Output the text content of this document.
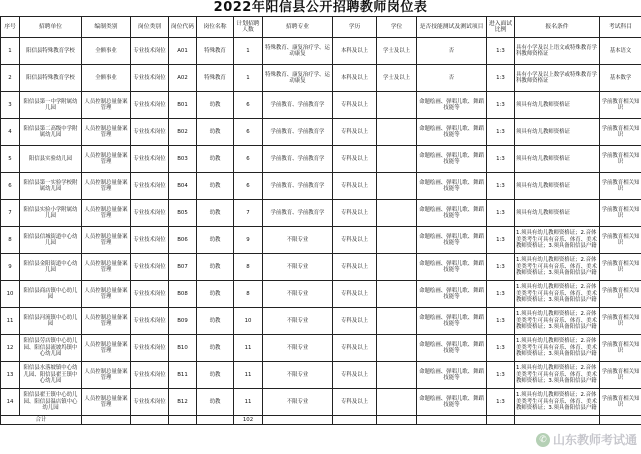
2022年阳信县公开招聘教师岗位表
序号	招聘单位	编制类别	岗位类别	岗位代码	岗位名称	计划招聘人数	招聘专业	学历	学位	是否技能测试及测试项目	进入面试比例	报名条件	考试科目
1	阳信县特殊教育学校	全额事业	专业技术岗位	A01	特殊教育	1	特殊教育、康复治疗学、运动康复	本科及以上	学士及以上	否	1:3	具有小学及以上语文或特殊教育学科教师资格证	基本语文
2	阳信县特殊教育学校	全额事业	专业技术岗位	A02	特殊教育	1	特殊教育、康复治疗学、运动康复	本科及以上	学士及以上	否	1:3	具有小学及以上数学或特殊教育学科教师资格证	基本数学
3	阳信县第一中学附属幼儿园	人员控制总量备案管理	专业技术岗位	B01	幼教	6	学前教育、学前教育学	专科及以上		命题绘画、弹唱儿歌、舞蹈技能等	1:3	须具有幼儿教师资格证	学前教育相关知识
4	阳信县第二高级中学附属幼儿园	人员控制总量备案管理	专业技术岗位	B02	幼教	6	学前教育、学前教育学	专科及以上		命题绘画、弹唱儿歌、舞蹈技能等	1:3	须具有幼儿教师资格证	学前教育相关知识
5	阳信县实验幼儿园	人员控制总量备案管理	专业技术岗位	B03	幼教	6	学前教育、学前教育学	专科及以上		命题绘画、弹唱儿歌、舞蹈技能等	1:3	须具有幼儿教师资格证	学前教育相关知识
6	阳信县第一实验学校附属幼儿园	人员控制总量备案管理	专业技术岗位	B04	幼教	6	学前教育、学前教育学	专科及以上		命题绘画、弹唱儿歌、舞蹈技能等	1:3	须具有幼儿教师资格证	学前教育相关知识
7	阳信县实验小学附属幼儿园	人员控制总量备案管理	专业技术岗位	B05	幼教	7	学前教育、学前教育学	专科及以上		命题绘画、弹唱儿歌、舞蹈技能等	1:3	须具有幼儿教师资格证	学前教育相关知识
8	阳信县信城街道中心幼儿园	人员控制总量备案管理	专业技术岗位	B06	幼教	9	不限专业	专科及以上		命题绘画、弹唱儿歌、舞蹈技能等	1:3	1.须具有幼儿教师资格证；2.音体美类考生可具有音乐、体育、美术教师资格证；3.须具备阳信县户籍	学前教育相关知识
9	阳信县金阳街道中心幼儿园	人员控制总量备案管理	专业技术岗位	B07	幼教	8	不限专业	专科及以上		命题绘画、弹唱儿歌、舞蹈技能等	1:3	1.须具有幼儿教师资格证；2.音体美类考生可具有音乐、体育、美术教师资格证；3.须具备阳信县户籍	学前教育相关知识
10	阳信县商店镇中心幼儿园	人员控制总量备案管理	专业技术岗位	B08	幼教	8	不限专业	专科及以上		命题绘画、弹唱儿歌、舞蹈技能等	1:3	1.须具有幼儿教师资格证；2.音体美类考生可具有音乐、体育、美术教师资格证；3.须具备阳信县户籍	学前教育相关知识
11	阳信县河流镇中心幼儿园	人员控制总量备案管理	专业技术岗位	B09	幼教	10	不限专业	专科及以上		命题绘画、弹唱儿歌、舞蹈技能等	1:3	1.须具有幼儿教师资格证；2.音体美类考生可具有音乐、体育、美术教师资格证；3.须具备阳信县户籍	学前教育相关知识
12	阳信县劳店镇中心幼儿园、阳信县流坡坞镇中心幼儿园	人员控制总量备案管理	专业技术岗位	B10	幼教	11	不限专业	专科及以上		命题绘画、弹唱儿歌、舞蹈技能等	1:3	1.须具有幼儿教师资格证；2.音体美类考生可具有音乐、体育、美术教师资格证；3.须具备阳信县户籍	学前教育相关知识
13	阳信县水落坡镇中心幼儿园、阳信县翟王镇中心幼儿园	人员控制总量备案管理	专业技术岗位	B11	幼教	11	不限专业	专科及以上		命题绘画、弹唱儿歌、舞蹈技能等	1:3	1.须具有幼儿教师资格证；2.音体美类考生可具有音乐、体育、美术教师资格证；3.须具备阳信县户籍	学前教育相关知识
14	阳信县翟王镇中心幼儿园、阳信县温店镇中心幼儿园	人员控制总量备案管理	专业技术岗位	B12	幼教	11	不限专业	专科及以上		命题绘画、弹唱儿歌、舞蹈技能等	1:3	1.须具有幼儿教师资格证；2.音体美类考生可具有音乐、体育、美术教师资格证；3.须具备阳信县户籍	学前教育相关知识
合计						102							
✆ 山东教师考试通
